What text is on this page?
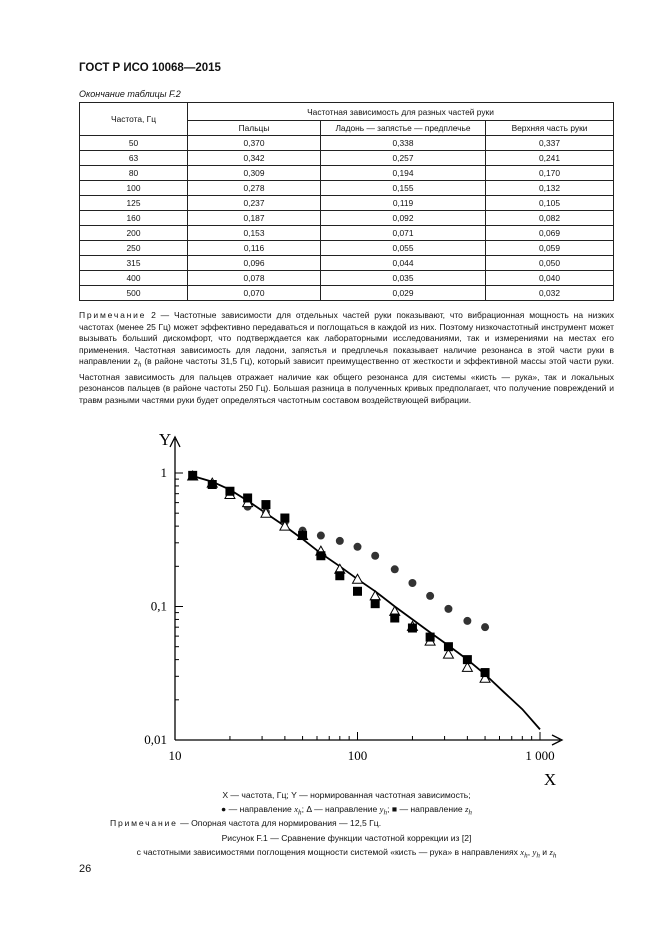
ГОСТ Р ИСО 10068—2015
Окончание таблицы F.2
Частота, Гц	Частотная зависимость для разных частей руки		
	Пальцы	Ладонь — запястье — предплечье	Верхняя часть руки
50	0,370	0,338	0,337
63	0,342	0,257	0,241
80	0,309	0,194	0,170
100	0,278	0,155	0,132
125	0,237	0,119	0,105
160	0,187	0,092	0,082
200	0,153	0,071	0,069
250	0,116	0,055	0,059
315	0,096	0,044	0,050
400	0,078	0,035	0,040
500	0,070	0,029	0,032
Примечание 2 — Частотные зависимости для отдельных частей руки показывают, что вибрационная мощность на низких частотах (менее 25 Гц) может эффективно передаваться и поглощаться в каждой из них. Поэтому низкочастотный инструмент может вызывать больший дискомфорт, что подтверждается как лабораторными исследованиями, так и измерениями на местах его применения. Частотная зависимость для ладони, запястья и предплечья показывает наличие резонанса в этой части руки в направлении $z_h$ (в районе частоты 31,5 Гц), который зависит преимущественно от жесткости и эффективной массы этой части руки. Частотная зависимость для пальцев отражает наличие как общего резонанса для системы «кисть — рука», так и локальных резонансов пальцев (в районе частоты 250 Гц). Большая разница в полученных кривых предполагает, что получение повреждений и травм разными частями руки будет определяться частотным составом воздействующей вибрации.
10	100	1 000
1
0,1
0,01
Y
X
X — частота, Гц; Y — нормированная частотная зависимость;
● — направление $x_h$; Δ — направление $y_h$; ■ — направление $z_h$
Примечание — Опорная частота для нормирования — 12,5 Гц.
Рисунок F.1 — Сравнение функции частотной коррекции из [2]
с частотными зависимостями поглощения мощности системой «кисть — рука» в направлениях $x_h$, $y_h$ и $z_h$
26
